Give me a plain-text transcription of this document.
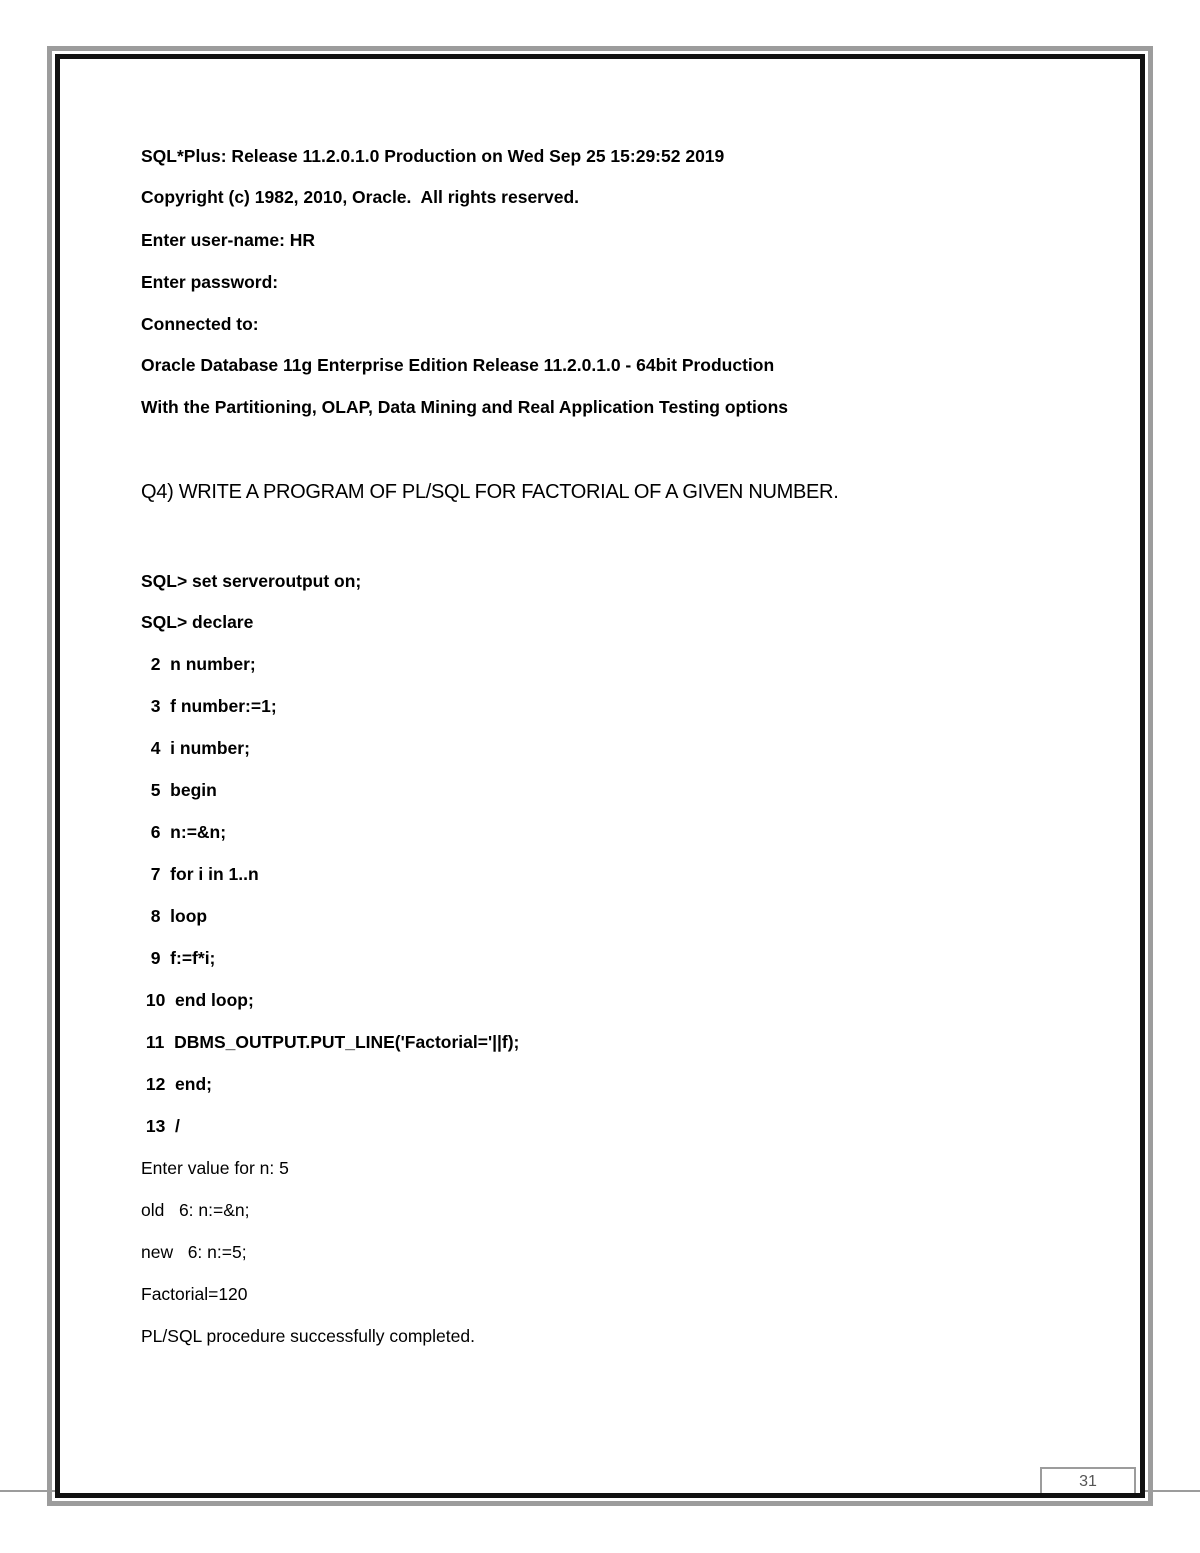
SQL*Plus: Release 11.2.0.1.0 Production on Wed Sep 25 15:29:52 2019
Copyright (c) 1982, 2010, Oracle.  All rights reserved.
Enter user-name: HR
Enter password:
Connected to:
Oracle Database 11g Enterprise Edition Release 11.2.0.1.0 - 64bit Production
With the Partitioning, OLAP, Data Mining and Real Application Testing options
Q4) WRITE A PROGRAM OF PL/SQL FOR FACTORIAL OF A GIVEN NUMBER.
SQL> set serveroutput on;
SQL> declare
2  n number;
3  f number:=1;
4  i number;
5  begin
6  n:=&n;
7  for i in 1..n
8  loop
9  f:=f*i;
10  end loop;
11  DBMS_OUTPUT.PUT_LINE('Factorial='||f);
12  end;
13  /
Enter value for n: 5
old   6: n:=&n;
new   6: n:=5;
Factorial=120
PL/SQL procedure successfully completed.
31
